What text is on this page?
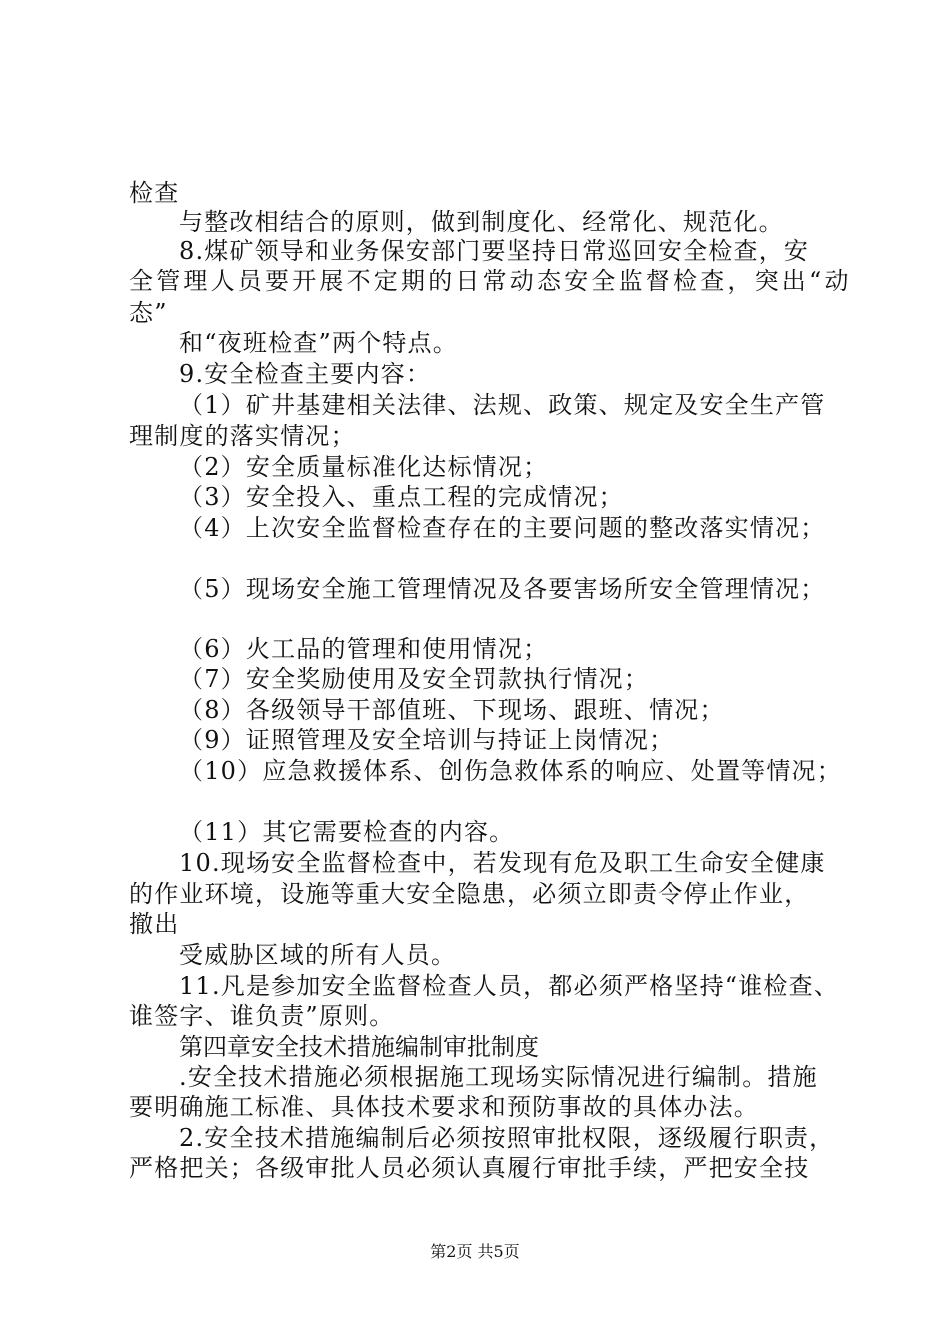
检查
与整改相结合的原则，做到制度化、经常化、规范化。
8.煤矿领导和业务保安部门要坚持日常巡回安全检查，安
全管理人员要开展不定期的日常动态安全监督检查，突出“动
态”
和“夜班检查”两个特点。
9.安全检查主要内容：
（1）矿井基建相关法律、法规、政策、规定及安全生产管
理制度的落实情况；
（2）安全质量标准化达标情况；
（3）安全投入、重点工程的完成情况；
（4）上次安全监督检查存在的主要问题的整改落实情况；
（5）现场安全施工管理情况及各要害场所安全管理情况；
（6）火工品的管理和使用情况；
（7）安全奖励使用及安全罚款执行情况；
（8）各级领导干部值班、下现场、跟班、情况；
（9）证照管理及安全培训与持证上岗情况；
（10）应急救援体系、创伤急救体系的响应、处置等情况；
（11）其它需要检查的内容。
10.现场安全监督检查中，若发现有危及职工生命安全健康
的作业环境，设施等重大安全隐患，必须立即责令停止作业，
撤出
受威胁区域的所有人员。
11.凡是参加安全监督检查人员，都必须严格坚持“谁检查、
谁签字、谁负责”原则。
第四章安全技术措施编制审批制度
.安全技术措施必须根据施工现场实际情况进行编制。措施
要明确施工标准、具体技术要求和预防事故的具体办法。
2.安全技术措施编制后必须按照审批权限，逐级履行职责，
严格把关；各级审批人员必须认真履行审批手续，严把安全技
第2页 共5页
